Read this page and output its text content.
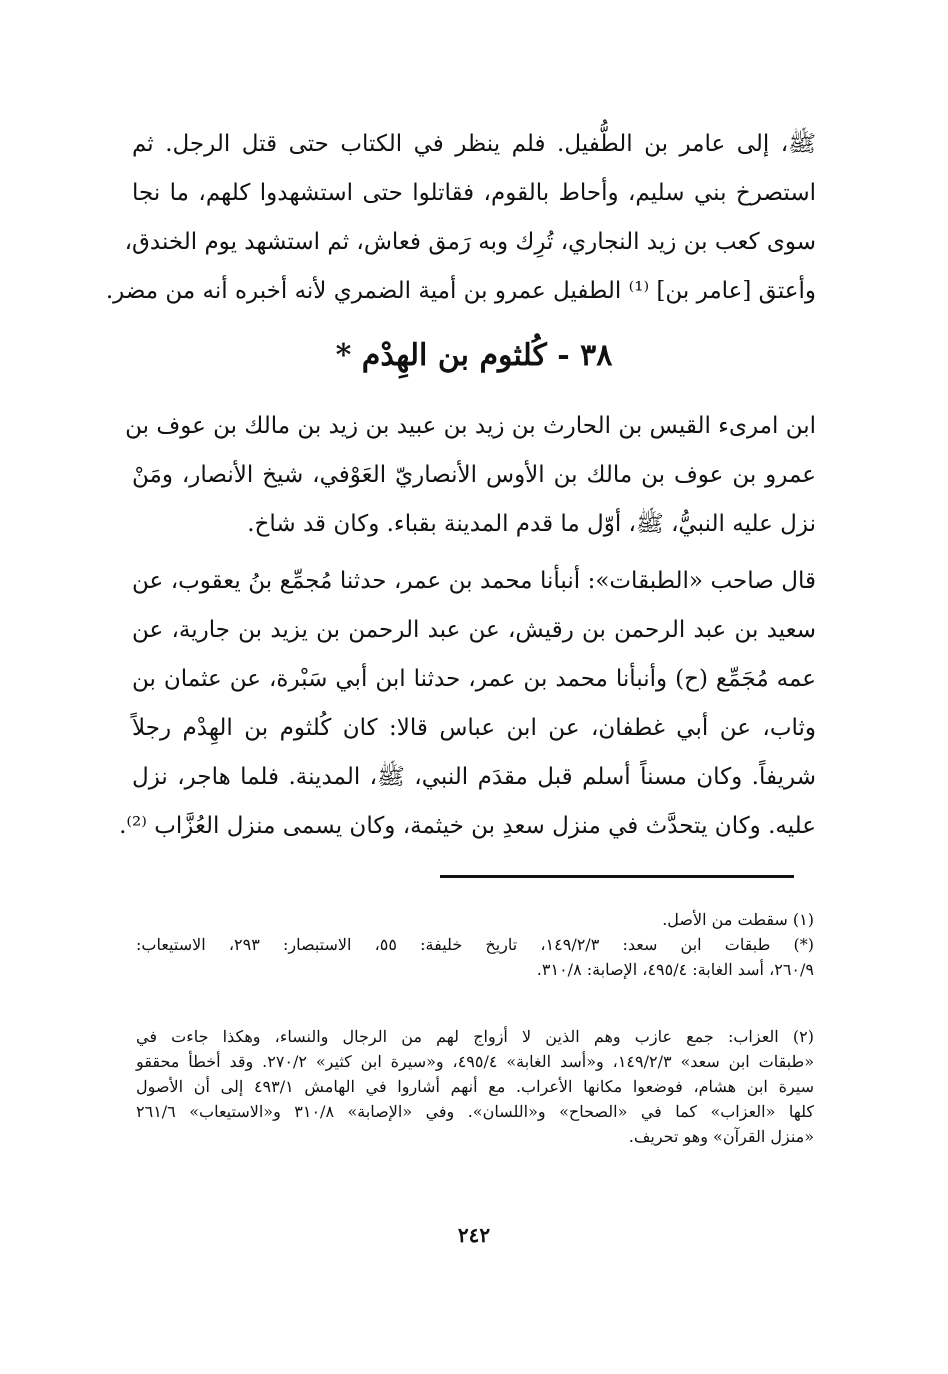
ﷺ، إلى عامر بن الطُّفيل. فلم ينظر في الكتاب حتى قتل الرجل. ثم
استصرخ بني سليم، وأحاط بالقوم، فقاتلوا حتى استشهدوا كلهم، ما نجا
سوى كعب بن زيد النجاري، تُرِك وبه رَمق فعاش، ثم استشهد يوم الخندق،
وأعتق [عامر بن] ⁽¹⁾ الطفيل عمرو بن أمية الضمري لأنه أخبره أنه من مضر.
٣٨ - كُلثوم بن الهِدْم *
ابن امرىء القيس بن الحارث بن زيد بن عبيد بن زيد بن مالك بن عوف بن
عمرو بن عوف بن مالك بن الأوس الأنصاريّ العَوْفي، شيخ الأنصار، ومَنْ
نزل عليه النبيُّ، ﷺ، أوّل ما قدم المدينة بقباء. وكان قد شاخ.
قال صاحب «الطبقات»: أنبأنا محمد بن عمر، حدثنا مُجمِّع بنُ يعقوب، عن
سعيد بن عبد الرحمن بن رقيش، عن عبد الرحمن بن يزيد بن جارية، عن
عمه مُجَمِّع (ح) وأنبأنا محمد بن عمر، حدثنا ابن أبي سَبْرة، عن عثمان بن
وثاب، عن أبي غطفان، عن ابن عباس قالا: كان كُلثوم بن الهِدْم رجلاً
شريفاً. وكان مسناً أسلم قبل مقدَم النبي، ﷺ، المدينة. فلما هاجر، نزل
عليه. وكان يتحدَّث في منزل سعدِ بن خيثمة، وكان يسمى منزل العُزَّاب ⁽²⁾.
(١) سقطت من الأصل.
(*) طبقات ابن سعد: ١٤٩/٢/٣، تاريخ خليفة: ٥٥، الاستبصار: ٢٩٣، الاستيعاب:
٢٦٠/٩، أسد الغابة: ٤٩٥/٤، الإصابة: ٣١٠/٨.
(٢) العزاب: جمع عازب وهم الذين لا أزواج لهم من الرجال والنساء، وهكذا جاءت في
«طبقات ابن سعد» ١٤٩/٢/٣، و«أسد الغابة» ٤٩٥/٤، و«سيرة ابن كثير» ٢٧٠/٢. وقد أخطأ محققو
سيرة ابن هشام، فوضعوا مكانها الأعراب. مع أنهم أشاروا في الهامش ٤٩٣/١ إلى أن الأصول
كلها «العزاب» كما في «الصحاح» و«اللسان». وفي «الإصابة» ٣١٠/٨ و«الاستيعاب» ٢٦١/٦
«منزل القرآن» وهو تحريف.
٢٤٢
